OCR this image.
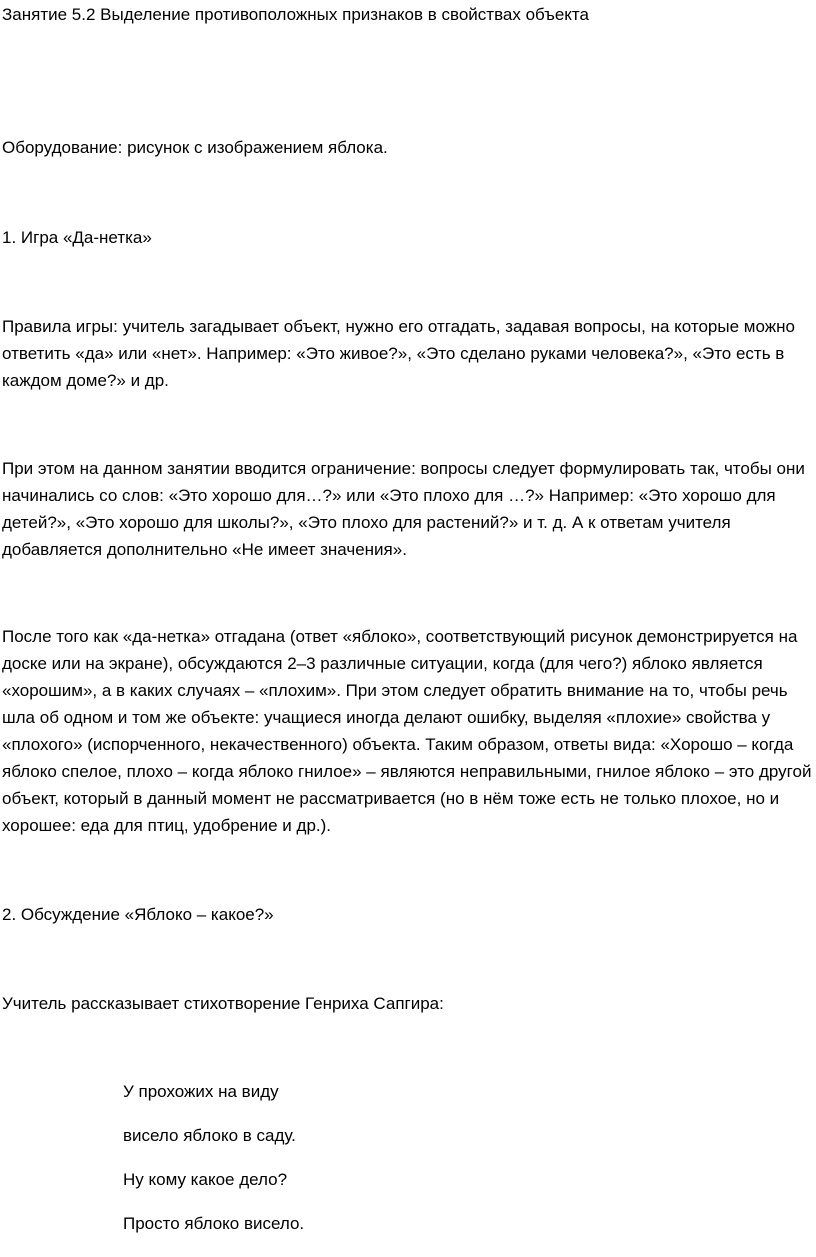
Занятие 5.2 Выделение противоположных признаков в свойствах объекта
Оборудование: рисунок с изображением яблока.
1. Игра «Да-нетка»

Правила игры: учитель загадывает объект, нужно его отгадать, задавая вопросы, на которые можно ответить «да» или «нет». Например: «Это живое?», «Это сделано руками человека?», «Это есть в каждом доме?» и др.

При этом на данном занятии вводится ограничение: вопросы следует формулировать так, чтобы они начинались со слов: «Это хорошо для…?» или «Это плохо для …?» Например: «Это хорошо для детей?», «Это хорошо для школы?», «Это плохо для растений?» и т. д. А к ответам учителя добавляется дополнительно «Не имеет значения».

После того как «да-нетка» отгадана (ответ «яблоко», соответствующий рисунок демонстрируется на доске или на экране), обсуждаются 2–3 различные ситуации, когда (для чего?) яблоко является «хорошим», а в каких случаях – «плохим». При этом следует обратить внимание на то, чтобы речь шла об одном и том же объекте: учащиеся иногда делают ошибку, выделяя «плохие» свойства у «плохого» (испорченного, некачественного) объекта. Таким образом, ответы вида: «Хорошо – когда яблоко спелое, плохо – когда яблоко гнилое» – являются неправильными, гнилое яблоко – это другой объект, который в данный момент не рассматривается (но в нём тоже есть не только плохое, но и хорошее: еда для птиц, удобрение и др.).

2. Обсуждение «Яблоко – какое?»
Учитель рассказывает стихотворение Генриха Сапгира:
У прохожих на виду
висело яблоко в саду.
Ну кому какое дело?
Просто яблоко висело.
